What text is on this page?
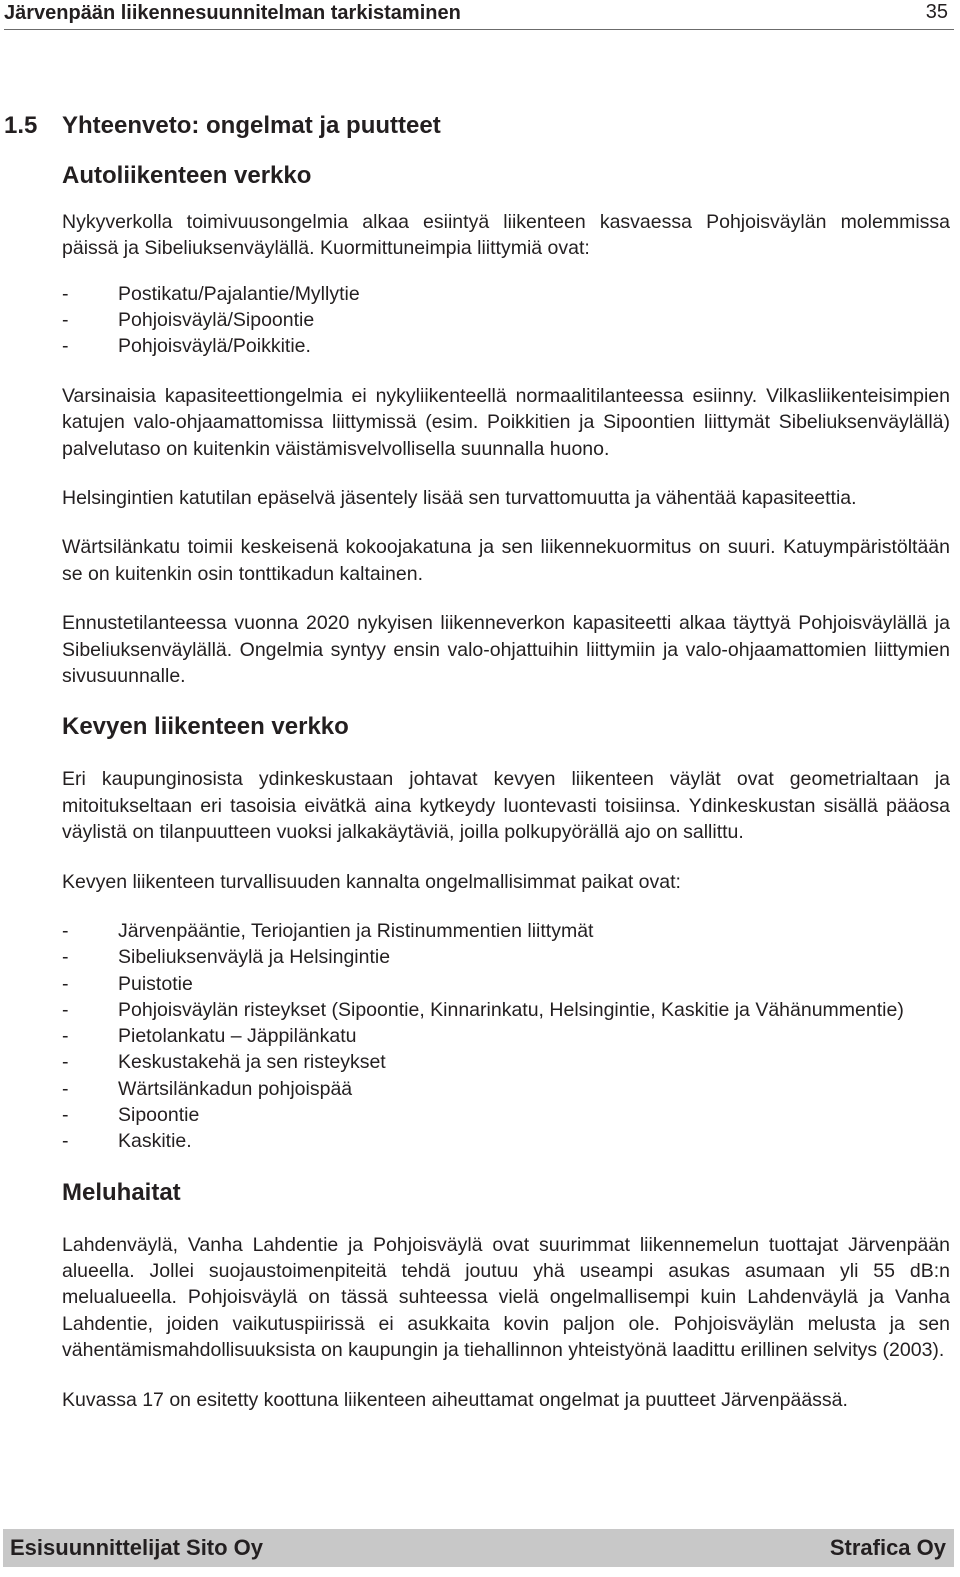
Järvenpään liikennesuunnitelman tarkistaminen	35
1.5	Yhteenveto: ongelmat ja puutteet
Autoliikenteen verkko

Nykyverkolla toimivuusongelmia alkaa esiintyä liikenteen kasvaessa Pohjoisväylän molemmissa päissä ja Sibeliuksenväylällä. Kuormittuneimpia liittymiä ovat:

-	Postikatu/Pajalantie/Myllytie
-	Pohjoisväylä/Sipoontie
-	Pohjoisväylä/Poikkitie.

Varsinaisia kapasiteettiongelmia ei nykyliikenteellä normaalitilanteessa esiinny. Vilkasliikenteisimpien katujen valo-ohjaamattomissa liittymissä (esim. Poikkitien ja Sipoontien liittymät Sibeliuksenväylällä) palvelutaso on kuitenkin väistämisvelvollisella suunnalla huono.

Helsingintien katutilan epäselvä jäsentely lisää sen turvattomuutta ja vähentää kapasiteettia.

Wärtsilänkatu toimii keskeisenä kokoojakatuna ja sen liikennekuormitus on suuri. Katuympäristöltään se on kuitenkin osin tonttikadun kaltainen.

Ennustetilanteessa vuonna 2020 nykyisen liikenneverkon kapasiteetti alkaa täyttyä Pohjoisväylällä ja Sibeliuksenväylällä. Ongelmia syntyy ensin valo-ohjattuihin liittymiin ja valo-ohjaamattomien liittymien sivusuunnalle.

Kevyen liikenteen verkko

Eri kaupunginosista ydinkeskustaan johtavat kevyen liikenteen väylät ovat geometrialtaan ja mitoitukseltaan eri tasoisia eivätkä aina kytkeydy luontevasti toisiinsa. Ydinkeskustan sisällä pääosa väylistä on tilanpuutteen vuoksi jalkakäytäviä, joilla polkupyörällä ajo on sallittu.

Kevyen liikenteen turvallisuuden kannalta ongelmallisimmat paikat ovat:

-	Järvenpääntie, Teriojantien ja Ristinummentien liittymät
-	Sibeliuksenväylä ja Helsingintie
-	Puistotie
-	Pohjoisväylän risteykset (Sipoontie, Kinnarinkatu, Helsingintie, Kaskitie ja Vähänummentie)
-	Pietolankatu – Jäppilänkatu
-	Keskustakehä ja sen risteykset
-	Wärtsilänkadun pohjoispää
-	Sipoontie
-	Kaskitie.
Meluhaitat

Lahdenväylä, Vanha Lahdentie ja Pohjoisväylä ovat suurimmat liikennemelun tuottajat Järvenpään alueella. Jollei suojaustoimenpiteitä tehdä joutuu yhä useampi asukas asumaan yli 55 dB:n melualueella. Pohjoisväylä on tässä suhteessa vielä ongelmallisempi kuin Lahdenväylä ja Vanha Lahdentie, joiden vaikutuspiirissä ei asukkaita kovin paljon ole. Pohjoisväylän melusta ja sen vähentämismahdollisuuksista on kaupungin ja tiehallinnon yhteistyönä laadittu erillinen selvitys (2003).

Kuvassa 17 on esitetty koottuna liikenteen aiheuttamat ongelmat ja puutteet Järvenpäässä.

Esisuunnittelijat Sito Oy	Strafica Oy
